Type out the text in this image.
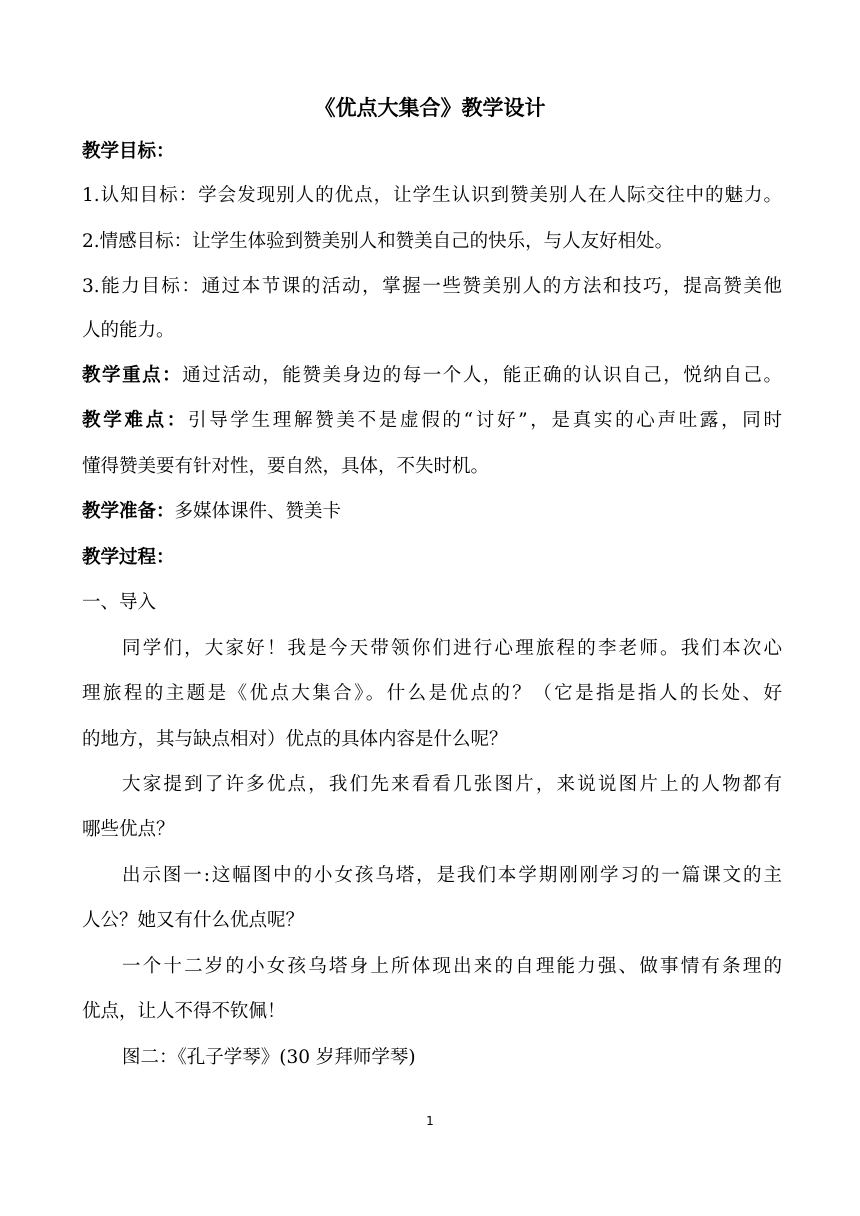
《优点大集合》教学设计
教学目标：
1.认知目标：学会发现别人的优点，让学生认识到赞美别人在人际交往中的魅力。
2.情感目标：让学生体验到赞美别人和赞美自己的快乐，与人友好相处。
3.能力目标：通过本节课的活动，掌握一些赞美别人的方法和技巧，提高赞美他
人的能力。
教学重点：通过活动，能赞美身边的每一个人，能正确的认识自己，悦纳自己。
教学难点：引导学生理解赞美不是虚假的“讨好”，是真实的心声吐露，同时
懂得赞美要有针对性，要自然，具体，不失时机。
教学准备：多媒体课件、赞美卡
教学过程：
一、导入
同学们，大家好！我是今天带领你们进行心理旅程的李老师。我们本次心
理旅程的主题是《优点大集合》。什么是优点的？（它是指是指人的长处、好
的地方，其与缺点相对）优点的具体内容是什么呢？
大家提到了许多优点，我们先来看看几张图片，来说说图片上的人物都有
哪些优点？
出示图一:这幅图中的小女孩乌塔，是我们本学期刚刚学习的一篇课文的主
人公？她又有什么优点呢？
一个十二岁的小女孩乌塔身上所体现出来的自理能力强、做事情有条理的
优点，让人不得不钦佩！
图二：《孔子学琴》(30 岁拜师学琴)
1
